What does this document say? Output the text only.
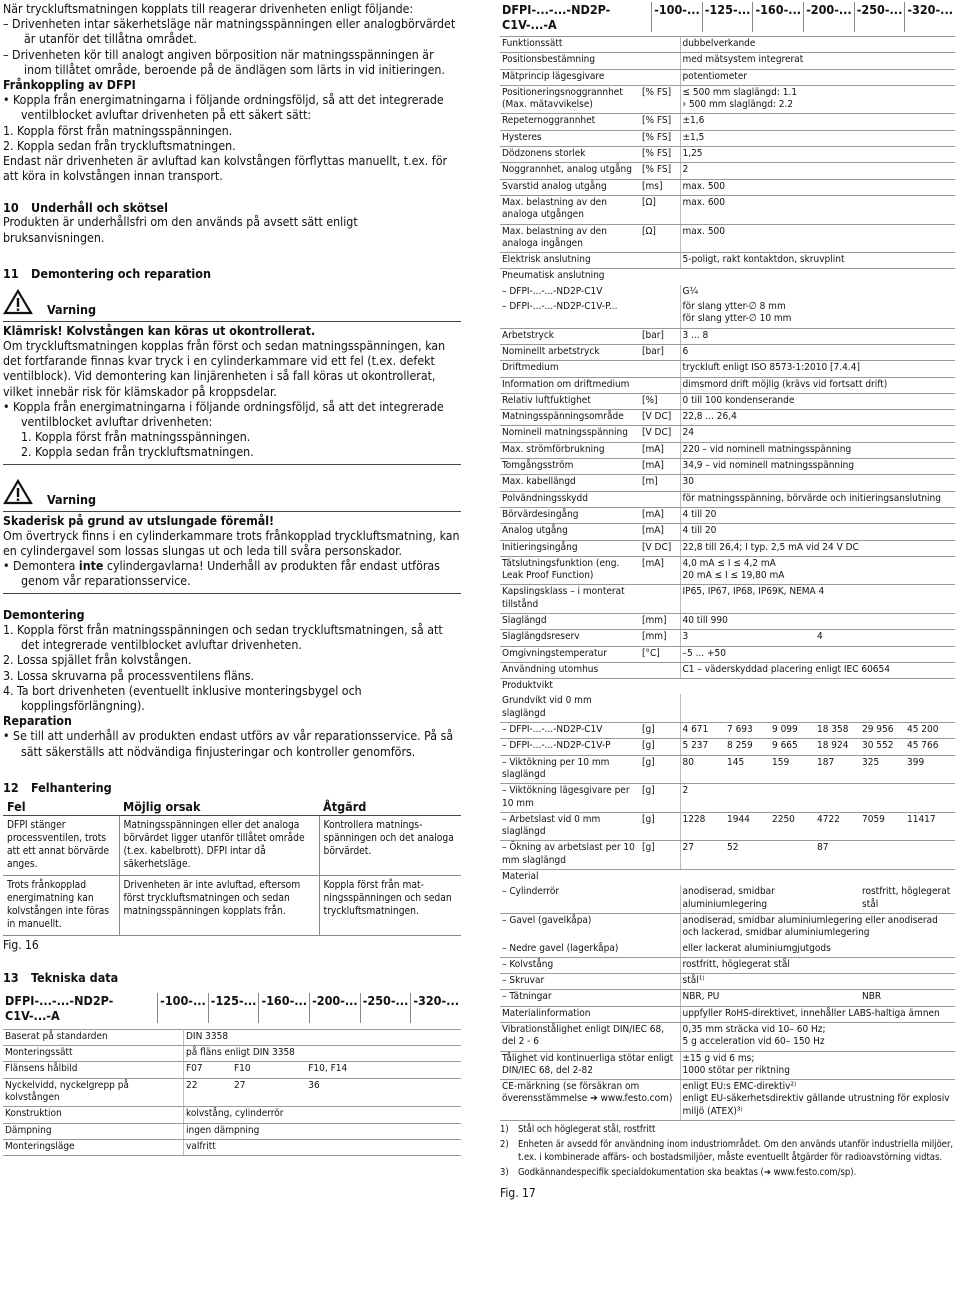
När tryckluftsmatningen kopplats till reagerar drivenheten enligt följande:
– Drivenheten intar säkerhetsläge när matningsspänningen eller analogbörvärdet är utanför det tillåtna området.
– Drivenheten kör till analogt angiven börposition när matningsspänningen är inom tillåtet område, beroende på de ändlägen som lärts in vid initieringen.
Frånkoppling av DFPI
• Koppla från energimatningarna i följande ordningsföljd, så att det integrerade ventilblocket avluftar drivenheten på ett säkert sätt:
1. Koppla först från matningsspänningen.
2. Koppla sedan från tryckluftsmatningen.
Endast när drivenheten är avluftad kan kolvstången förflyttas manuellt, t.ex. för att köra in kolvstången innan transport.
10 Underhåll och skötsel
Produkten är underhållsfri om den används på avsett sätt enligt bruksanvisningen.
11 Demontering och reparation
Varning
Klämrisk! Kolvstången kan köras ut okontrollerat.
Om tryckluftsmatningen kopplas från först och sedan matningsspänningen, kan det fortfarande finnas kvar tryck i en cylinderkammare vid ett fel (t.ex. defekt ventilblock). Vid demontering kan linjärenheten i så fall köras ut okontrollerat, vilket innebär risk för klämskador på kroppsdelar.
• Koppla från energimatningarna i följande ordningsföljd, så att det integrerade ventilblocket avluftar drivenheten:
1. Koppla först från matningsspänningen.
2. Koppla sedan från tryckluftsmatningen.
Varning
Skaderisk på grund av utslungade föremål!
Om övertryck finns i en cylinderkammare trots frånkopplad tryckluftsmatning, kan en cylindergavel som lossas slungas ut och leda till svåra personskador.
• Demontera inte cylindergavlarna! Underhåll av produkten får endast utföras genom vår reparationsservice.
Demontering
1. Koppla först från matningsspänningen och sedan tryckluftsmatningen, så att det integrerade ventilblocket avluftar drivenheten.
2. Lossa spjället från kolvstången.
3. Lossa skruvarna på processventilens fläns.
4. Ta bort drivenheten (eventuellt inklusive monteringsbygel och kopplingsförlängning).
Reparation
• Se till att underhåll av produkten endast utförs av vår reparationsservice. På så sätt säkerställs att nödvändiga finjusteringar och kontroller genomförs.
12 Felhantering
Fel	Möjlig orsak	Åtgärd
DFPI stänger processventilen, trots att ett annat börvärde anges.	Matningsspänningen eller det analoga börvärdet ligger utanför tillåtet område (t.ex. kabelbrott). DFPI intar då säkerhetsläge.	Kontrollera matningsspänningen och det analoga börvärdet.
Trots frånkopplad energimatning kan kolvstången inte föras in manuellt.	Drivenheten är inte avluftad, eftersom först tryckluftsmatningen och sedan matningsspänningen kopplats från.	Koppla först från matningsspänningen och sedan tryckluftsmatningen.
Fig. 16
13 Tekniska data
DFPI-...-...-ND2P-C1V-...-A	-100-...	-125-...	-160-...	-200-...	-250-...	-320-...
Baserat på standarden	DIN 3358		
Monteringssätt	på fläns enligt DIN 3358		
Flänsens hålbild	F07	F10	F10, F14
Nyckelvidd, nyckelgrepp på kolvstången	22	27	36
Konstruktion	kolvstång, cylinderrör		
Dämpning	ingen dämpning		
Monteringsläge	valfritt		
DFPI-...-...-ND2P-C1V-...-A	-100-...	-125-...	-160-...	-200-...	-250-...	-320-...
Funktionssätt		dubbelverkande					
Positionsbestämning		med mätsystem integrerat					
Mätprincip lägesgivare		potentiometer					
Positioneringsnoggrannhet (Max. mätavvikelse)	[% FS]	≤ 500 mm slaglängd: 1.1
› 500 mm slaglängd: 2.2					
Repeternoggrannhet	[% FS]	±1,6					
Hysteres	[% FS]	±1,5					
Dödzonens storlek	[% FS]	1,25					
Noggrannhet, analog utgång	[% FS]	2					
Svarstid analog utgång	[ms]	max. 500					
Max. belastning av den analoga utgången	[Ω]	max. 600					
Max. belastning av den analoga ingången	[Ω]	max. 500					
Elektrisk anslutning		5-poligt, rakt kontaktdon, skruvplint					
Pneumatisk anslutning							
– DFPI-...-...-ND2P-C1V		G¼					
– DFPI-...-...-ND2P-C1V-P...		för slang ytter-∅ 8 mm
för slang ytter-∅ 10 mm					
Arbetstryck	[bar]	3 ... 8					
Nominellt arbetstryck	[bar]	6					
Driftmedium		tryckluft enligt ISO 8573-1:2010 [7.4.4]					
Information om driftmedium		dimsmord drift möjlig (krävs vid fortsatt drift)					
Relativ luftfuktighet	[%]	0 till 100 kondenserande					
Matningsspänningsområde	[V DC]	22,8 ... 26,4					
Nominell matningsspänning	[V DC]	24					
Max. strömförbrukning	[mA]	220 – vid nominell matningsspänning					
Tomgångsström	[mA]	34,9 – vid nominell matningsspänning					
Max. kabellängd	[m]	30					
Polvändningsskydd		för matningsspänning, börvärde och initieringsanslutning					
Börvärdesingång	[mA]	4 till 20					
Analog utgång	[mA]	4 till 20					
Initieringsingång	[V DC]	22,8 till 26,4; I typ. 2,5 mA vid 24 V DC					
Tätslutningsfunktion (eng. Leak Proof Function)	[mA]	4,0 mA ≤ I ≤ 4,2 mA
20 mA ≤ I ≤ 19,80 mA					
Kapslingsklass – i monterat tillstånd		IP65, IP67, IP68, IP69K, NEMA 4					
Slaglängd	[mm]	40 till 990					
Slaglängdsreserv	[mm]	3			4		
Omgivningstemperatur	[°C]	–5 ... +50					
Användning utomhus		C1 – väderskyddad placering enligt IEC 60654					
Produktvikt							
Grundvikt vid 0 mm slaglängd							
– DFPI-...-...-ND2P-C1V	[g]	4 671	7 693	9 099	18 358	29 956	45 200
– DFPI-...-...-ND2P-C1V-P	[g]	5 237	8 259	9 665	18 924	30 552	45 766
– Viktökning per 10 mm slaglängd	[g]	80	145	159	187	325	399
– Viktökning lägesgivare per 10 mm	[g]	2					
– Arbetslast vid 0 mm slaglängd	[g]	1228	1944	2250	4722	7059	11417
– Ökning av arbetslast per 10 mm slaglängd	[g]	27	52		87		
Material							
– Cylinderrör		anodiserad, smidbar aluminiumlegering				rostfritt, höglegerat stål	
– Gavel (gavelkåpa)		anodiserad, smidbar aluminiumlegering eller anodiserad och lackerad, smidbar aluminiumlegering					
– Nedre gavel (lagerkåpa)		eller lackerat aluminiumgjutgods					
– Kolvstång		rostfritt, höglegerat stål					
– Skruvar		stål¹⁾					
– Tätningar		NBR, PU				NBR	
Materialinformation		uppfyller RoHS-direktivet, innehåller LABS-haltiga ämnen					
Vibrationstålighet enligt DIN/IEC 68, del 2 - 6		0,35 mm sträcka vid 10– 60 Hz;
5 g acceleration vid 60– 150 Hz					
Tålighet vid kontinuerliga stötar enligt DIN/IEC 68, del 2-82		±15 g vid 6 ms;
1000 stötar per riktning					
CE-märkning (se försäkran om överensstämmelse ➔ www.festo.com)		enligt EU:s EMC-direktiv²⁾
enligt EU-säkerhetsdirektiv gällande utrustning för explosiv miljö (ATEX)³⁾					
1) Stål och höglegerat stål, rostfritt
2) Enheten är avsedd för användning inom industriområdet. Om den används utanför industriella miljöer, t.ex. i kombinerade affärs- och bostadsmiljöer, måste eventuellt åtgärder för radioavstörning vidtas.
3) Godkännandespecifik specialdokumentation ska beaktas (➔ www.festo.com/sp).
Fig. 17
